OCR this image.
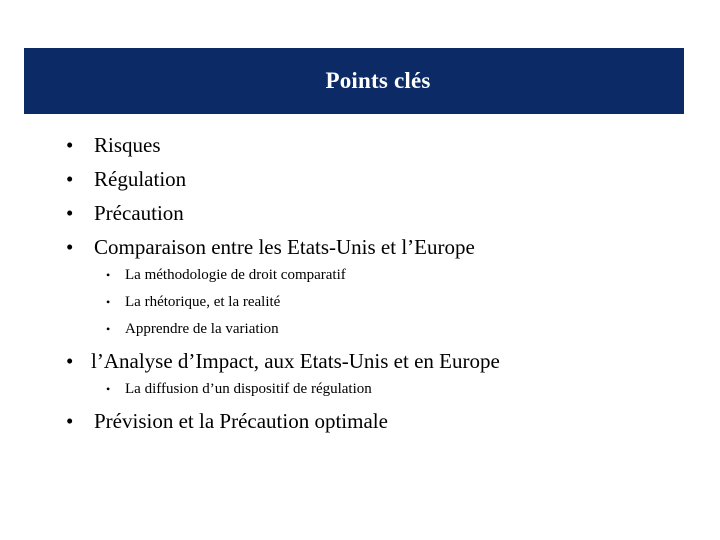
Points clés
• Risques
• Régulation
• Précaution
• Comparaison entre les Etats-Unis et l’Europe
• La méthodologie de droit comparatif
• La rhétorique, et la realité
• Apprendre de la variation
• l’Analyse d’Impact, aux Etats-Unis et en Europe
• La diffusion d’un dispositif de régulation
• Prévision et la Précaution optimale
